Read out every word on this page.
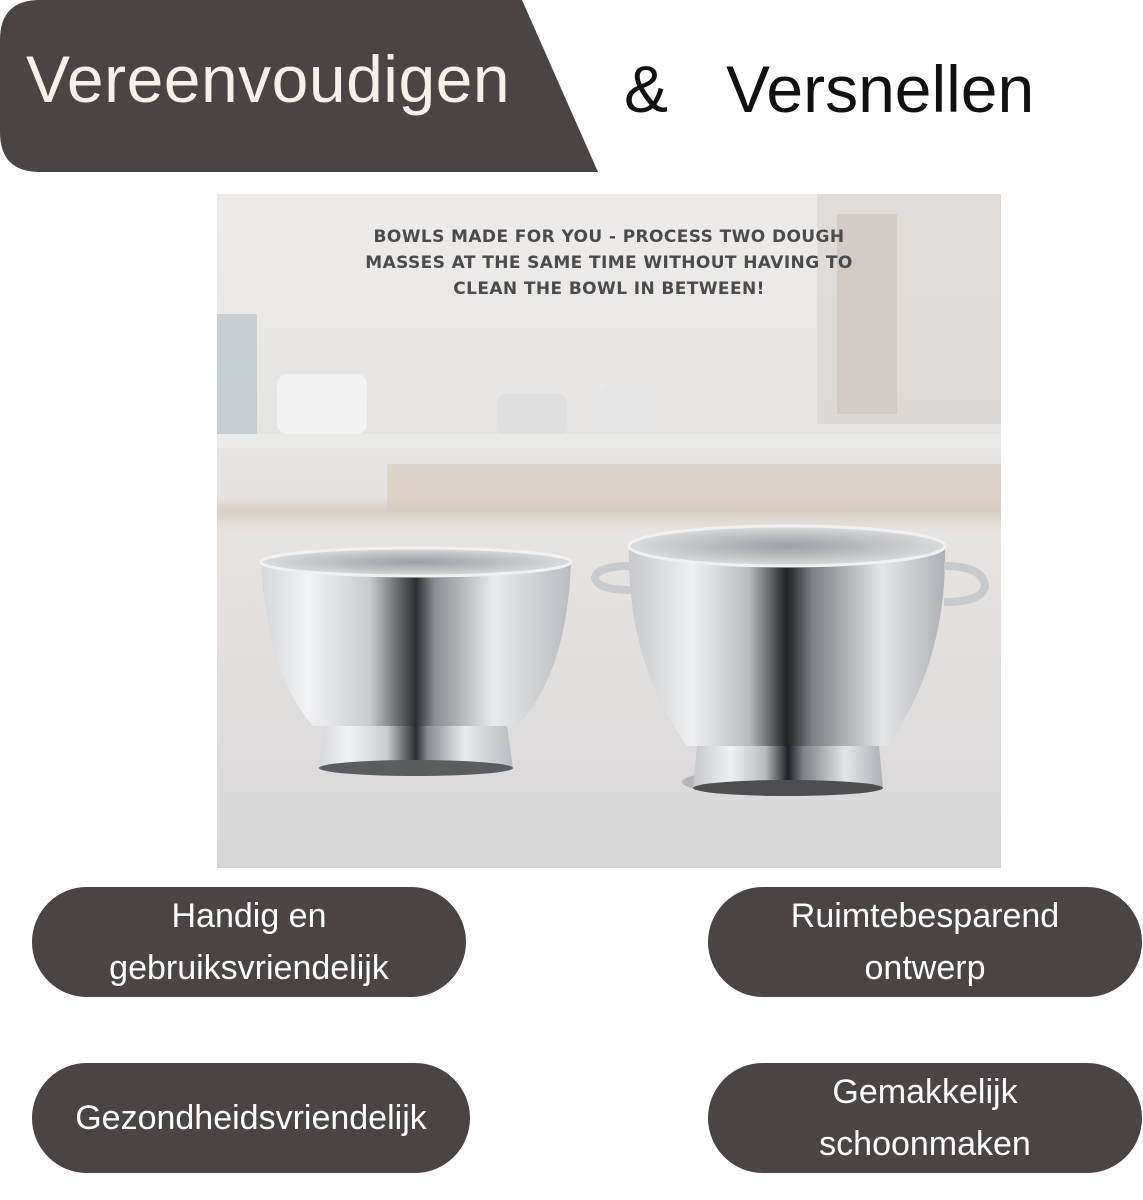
Vereenvoudigen & Versnellen
BOWLS MADE FOR YOU - PROCESS TWO DOUGH
MASSES AT THE SAME TIME WITHOUT HAVING TO
CLEAN THE BOWL IN BETWEEN!
Handig en
gebruiksvriendelijk
Ruimtebesparend
ontwerp
Gezondheidsvriendelijk
Gemakkelijk
schoonmaken
